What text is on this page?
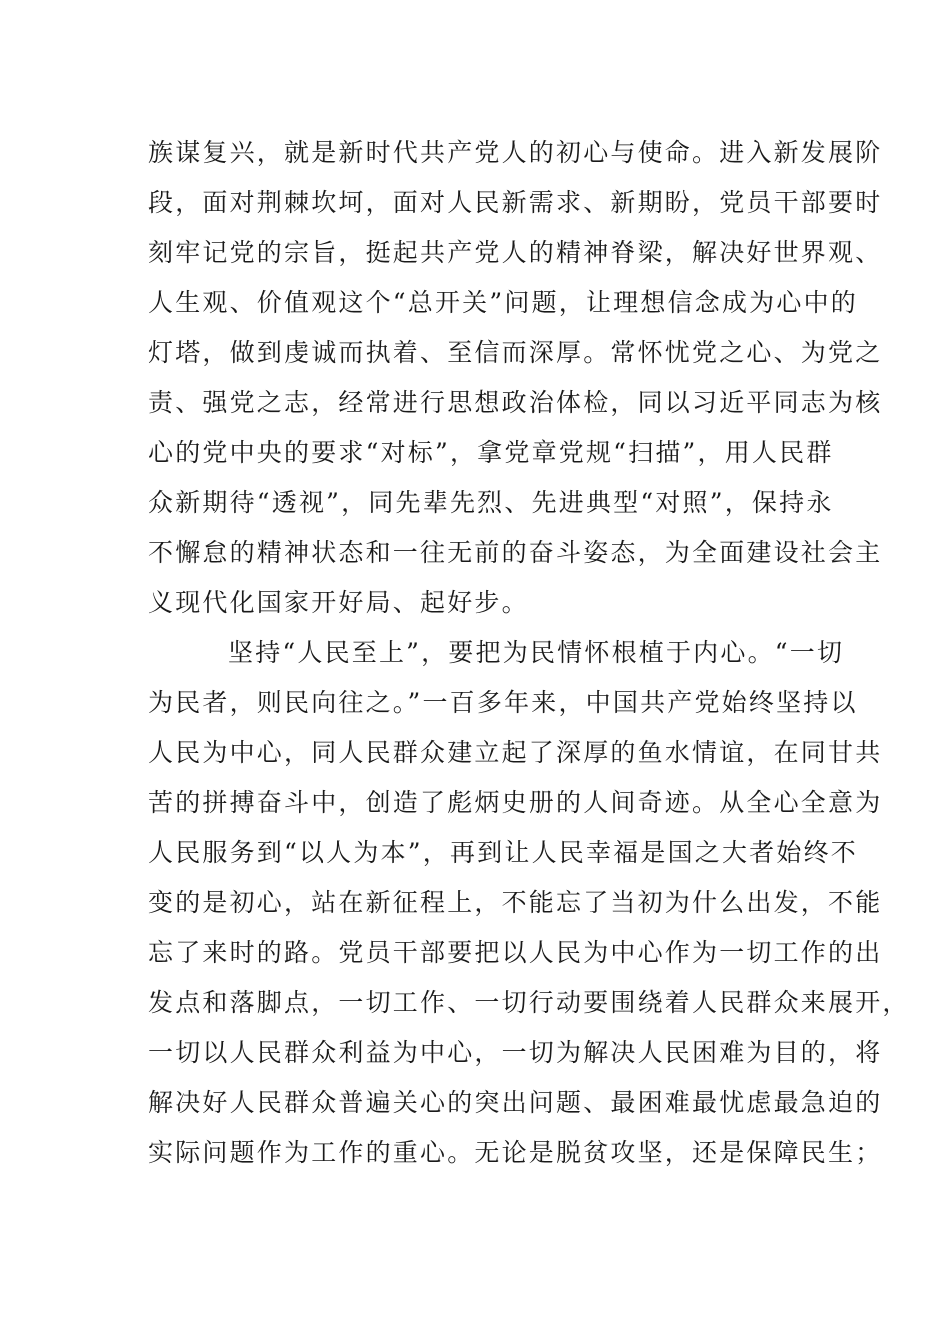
族谋复兴，就是新时代共产党人的初心与使命。进入新发展阶
段，面对荆棘坎坷，面对人民新需求、新期盼，党员干部要时
刻牢记党的宗旨，挺起共产党人的精神脊梁，解决好世界观、
人生观、价值观这个“总开关”问题，让理想信念成为心中的
灯塔，做到虔诚而执着、至信而深厚。常怀忧党之心、为党之
责、强党之志，经常进行思想政治体检，同以习近平同志为核
心的党中央的要求“对标”，拿党章党规“扫描”，用人民群
众新期待“透视”，同先辈先烈、先进典型“对照”，保持永
不懈怠的精神状态和一往无前的奋斗姿态，为全面建设社会主
义现代化国家开好局、起好步。
坚持“人民至上”，要把为民情怀根植于内心。“一切
为民者，则民向往之。”一百多年来，中国共产党始终坚持以
人民为中心，同人民群众建立起了深厚的鱼水情谊，在同甘共
苦的拼搏奋斗中，创造了彪炳史册的人间奇迹。从全心全意为
人民服务到“以人为本”，再到让人民幸福是国之大者始终不
变的是初心，站在新征程上，不能忘了当初为什么出发，不能
忘了来时的路。党员干部要把以人民为中心作为一切工作的出
发点和落脚点，一切工作、一切行动要围绕着人民群众来展开，
一切以人民群众利益为中心，一切为解决人民困难为目的，将
解决好人民群众普遍关心的突出问题、最困难最忧虑最急迫的
实际问题作为工作的重心。无论是脱贫攻坚，还是保障民生；
